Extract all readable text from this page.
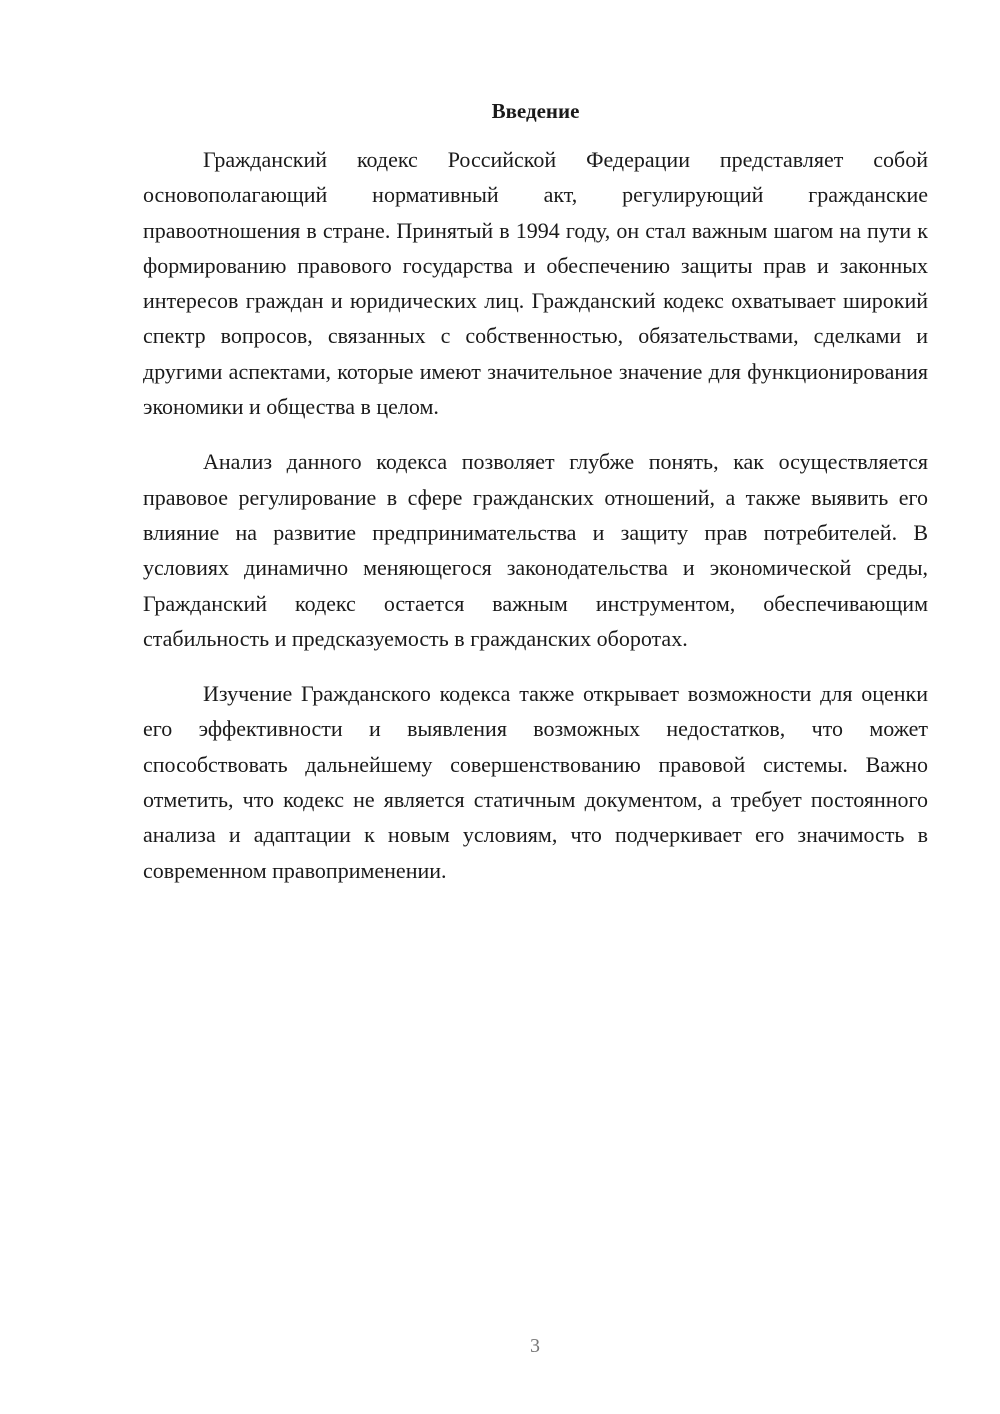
Введение

Гражданский кодекс Российской Федерации представляет собой основополагающий нормативный акт, регулирующий гражданские правоотношения в стране. Принятый в 1994 году, он стал важным шагом на пути к формированию правового государства и обеспечению защиты прав и законных интересов граждан и юридических лиц. Гражданский кодекс охватывает широкий спектр вопросов, связанных с собственностью, обязательствами, сделками и другими аспектами, которые имеют значительное значение для функционирования экономики и общества в целом.

Анализ данного кодекса позволяет глубже понять, как осуществляется правовое регулирование в сфере гражданских отношений, а также выявить его влияние на развитие предпринимательства и защиту прав потребителей. В условиях динамично меняющегося законодательства и экономической среды, Гражданский кодекс остается важным инструментом, обеспечивающим стабильность и предсказуемость в гражданских оборотах.

Изучение Гражданского кодекса также открывает возможности для оценки его эффективности и выявления возможных недостатков, что может способствовать дальнейшему совершенствованию правовой системы. Важно отметить, что кодекс не является статичным документом, а требует постоянного анализа и адаптации к новым условиям, что подчеркивает его значимость в современном правоприменении.

3
